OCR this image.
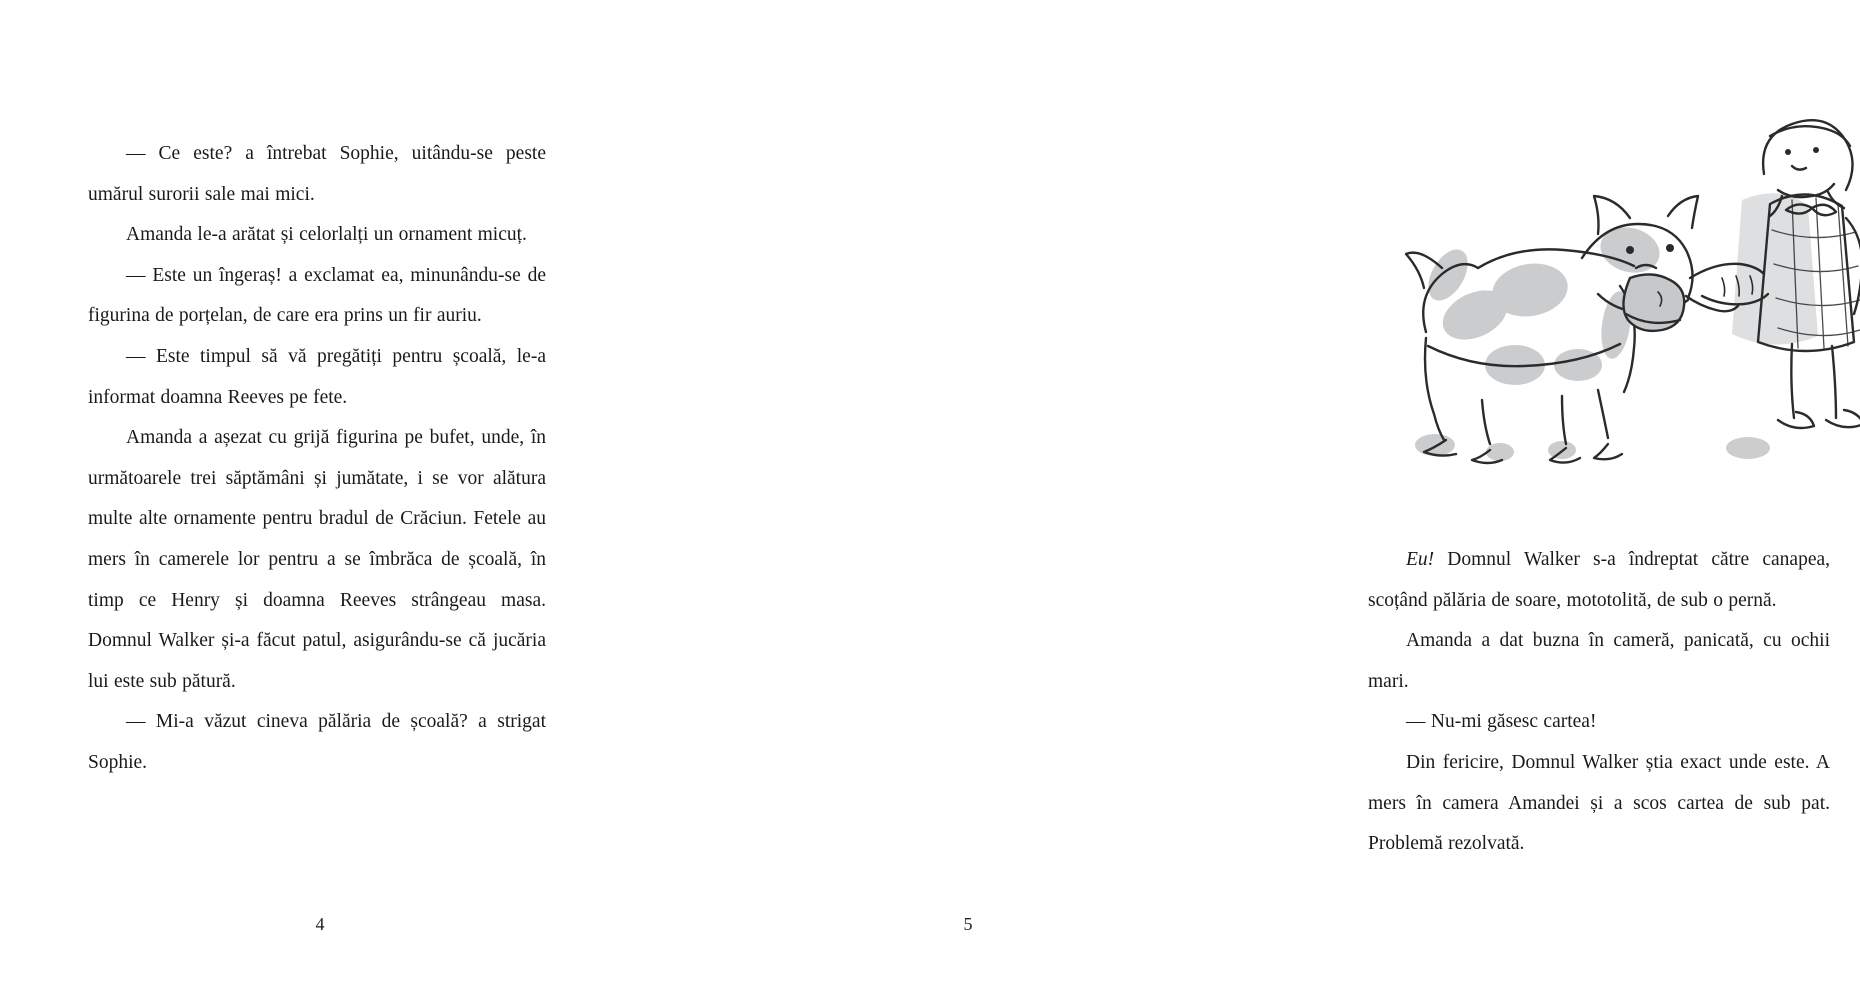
— Ce este? a întrebat Sophie, uitându-se peste umărul surorii sale mai mici.

Amanda le-a arătat și celorlalți un ornament micuț.

— Este un îngeraș! a exclamat ea, minunându-se de figurina de porțelan, de care era prins un fir auriu.

— Este timpul să vă pregătiți pentru școală, le-a informat doamna Reeves pe fete.

Amanda a așezat cu grijă figurina pe bufet, unde, în următoarele trei săptămâni și jumătate, i se vor alătura multe alte ornamente pentru bradul de Crăciun. Fetele au mers în camerele lor pentru a se îmbrăca de școală, în timp ce Henry și doamna Reeves strângeau masa. Domnul Walker și-a făcut patul, asigurându-se că jucăria lui este sub pătură.

— Mi-a văzut cineva pălăria de școală? a strigat Sophie.

4

Eu! Domnul Walker s-a îndreptat către canapea, scoțând pălăria de soare, mototolită, de sub o pernă.

Amanda a dat buzna în cameră, panicată, cu ochii mari.

— Nu-mi găsesc cartea!

Din fericire, Domnul Walker știa exact unde este. A mers în camera Amandei și a scos cartea de sub pat. Problemă rezolvată.

5
